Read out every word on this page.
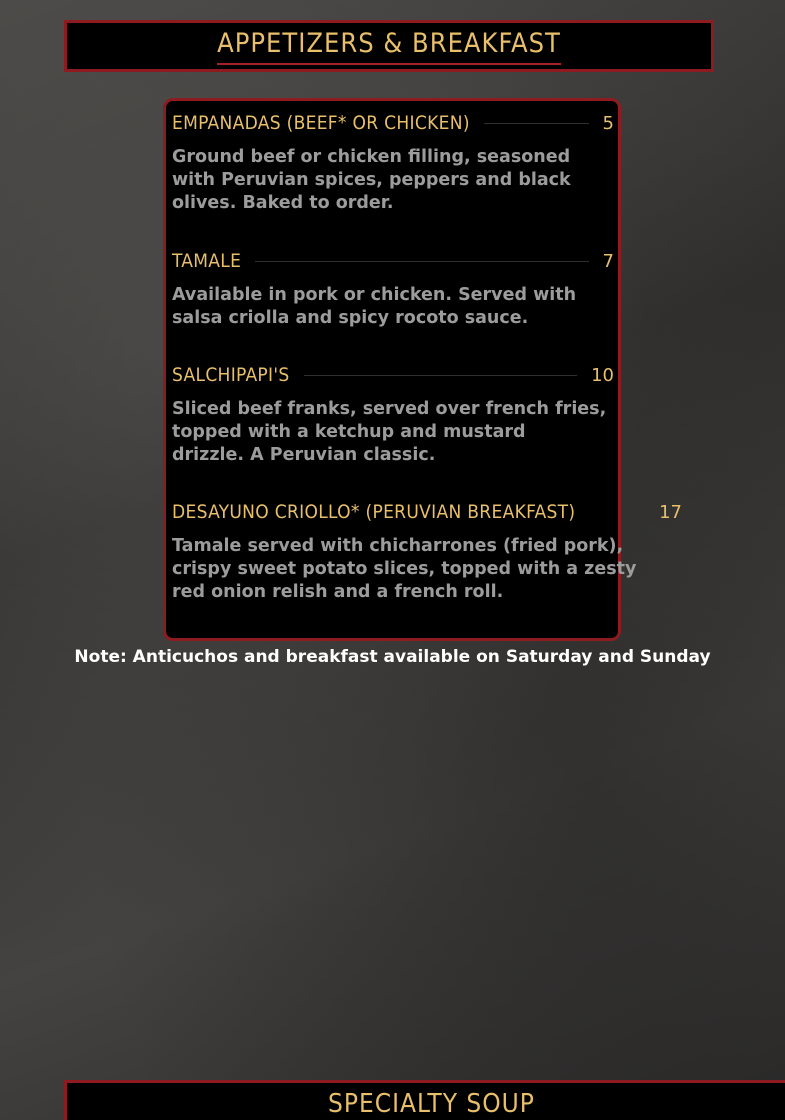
APPETIZERS & BREAKFAST
EMPANADAS (BEEF* OR CHICKEN)	5
Ground beef or chicken filling, seasoned
with Peruvian spices, peppers and black
olives. Baked to order.
TAMALE	7
Available in pork or chicken. Served with
salsa criolla and spicy rocoto sauce.
SALCHIPAPI'S	10
Sliced beef franks, served over french fries,
topped with a ketchup and mustard
drizzle. A Peruvian classic.
DESAYUNO CRIOLLO* (PERUVIAN BREAKFAST)	17
Tamale served with chicharrones (fried pork),
crispy sweet potato slices, topped with a zesty
red onion relish and a french roll.
Note: Anticuchos and breakfast available on Saturday and Sunday
SPECIALTY SOUP
